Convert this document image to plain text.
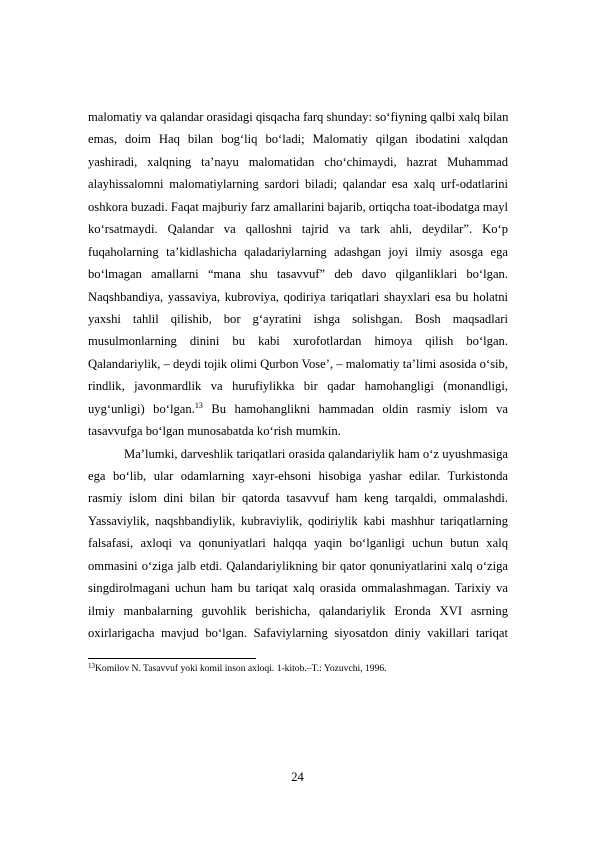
malomatiy va qalandar orasidagi qisqacha farq shunday: so‘fiyning qalbi xalq bilan
emas, doim Haq bilan bog‘liq bo‘ladi; Malomatiy qilgan ibodatini xalqdan
yashiradi, xalqning ta’nayu malomatidan cho‘chimaydi, hazrat Muhammad
alayhissalomni malomatiylarning sardori biladi; qalandar esa xalq urf-odatlarini
oshkora buzadi. Faqat majburiy farz amallarini bajarib, ortiqcha toat-ibodatga mayl
ko‘rsatmaydi. Qalandar va qalloshni tajrid va tark ahli, deydilar”. Ko‘p
fuqaholarning ta’kidlashicha qaladariylarning adashgan joyi ilmiy asosga ega
bo‘lmagan amallarni “mana shu tasavvuf” deb davo qilganliklari bo‘lgan.
Naqshbandiya, yassaviya, kubroviya, qodiriya tariqatlari shayxlari esa bu holatni
yaxshi tahlil qilishib, bor g‘ayratini ishga solishgan. Bosh maqsadlari
musulmonlarning dinini bu kabi xurofotlardan himoya qilish bo‘lgan.
Qalandariylik, – deydi tojik olimi Qurbon Vose’, – malomatiy ta’limi asosida o‘sib,
rindlik, javonmardlik va hurufiylikka bir qadar hamohangligi (monandligi,
uyg‘unligi) bo‘lgan.$^{13}$ Bu hamohanglikni hammadan oldin rasmiy islom va
tasavvufga bo‘lgan munosabatda ko‘rish mumkin.
Ma’lumki, darveshlik tariqatlari orasida qalandariylik ham o‘z uyushmasiga
ega bo‘lib, ular odamlarning xayr-ehsoni hisobiga yashar edilar. Turkistonda
rasmiy islom dini bilan bir qatorda tasavvuf ham keng tarqaldi, ommalashdi.
Yassaviylik, naqshbandiylik, kubraviylik, qodiriylik kabi mashhur tariqatlarning
falsafasi, axloqi va qonuniyatlari halqqa yaqin bo‘lganligi uchun butun xalq
ommasini o‘ziga jalb etdi. Qalandariylikning bir qator qonuniyatlarini xalq o‘ziga
singdirolmagani uchun ham bu tariqat xalq orasida ommalashmagan. Tarixiy va
ilmiy manbalarning guvohlik berishicha, qalandariylik Eronda XVI asrning
oxirlarigacha mavjud bo‘lgan. Safaviylarning siyosatdon diniy vakillari tariqat
$^{13}$Komilov N. Tasavvuf yoki komil inson axloqi. 1-kitob.–T.: Yozuvchi, 1996.
24
